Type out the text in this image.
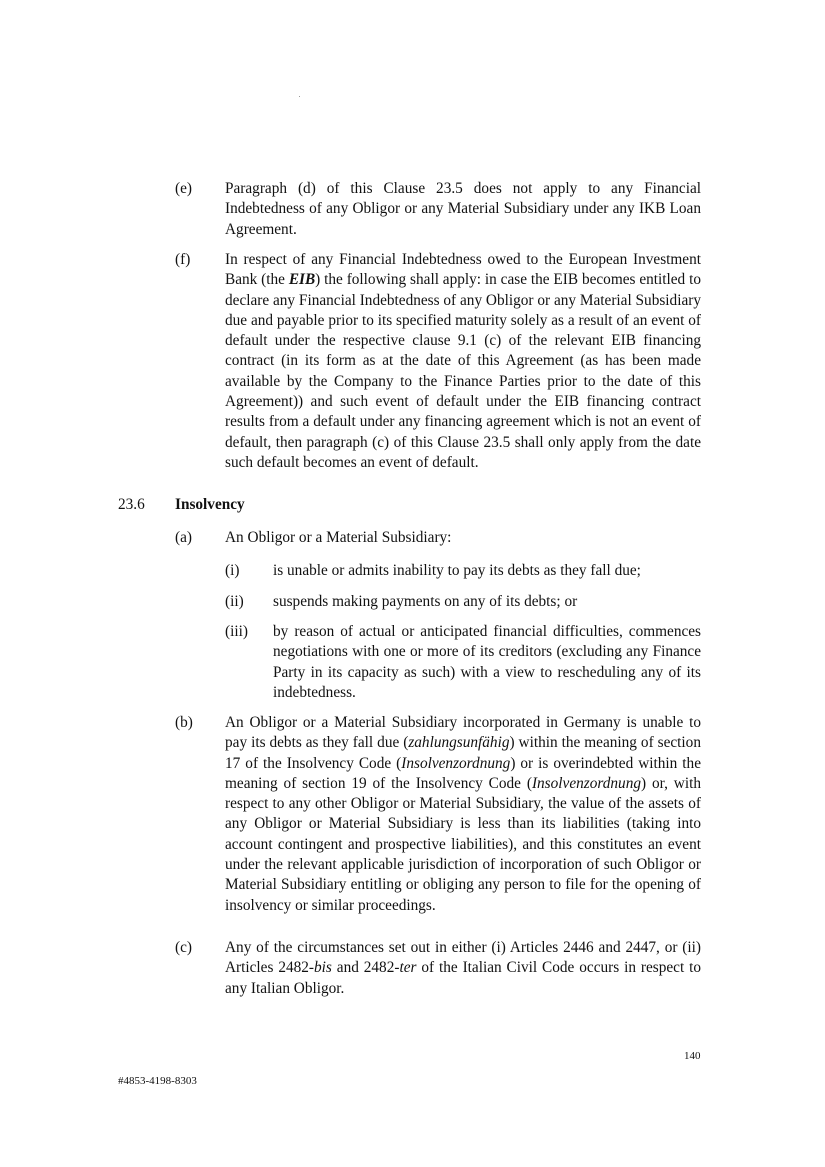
(e) Paragraph (d) of this Clause 23.5 does not apply to any Financial Indebtedness of any Obligor or any Material Subsidiary under any IKB Loan Agreement.

(f) In respect of any Financial Indebtedness owed to the European Investment Bank (the EIB) the following shall apply: in case the EIB becomes entitled to declare any Financial Indebtedness of any Obligor or any Material Subsidiary due and payable prior to its specified maturity solely as a result of an event of default under the respective clause 9.1 (c) of the relevant EIB financing contract (in its form as at the date of this Agreement (as has been made available by the Company to the Finance Parties prior to the date of this Agreement)) and such event of default under the EIB financing contract results from a default under any financing agreement which is not an event of default, then paragraph (c) of this Clause 23.5 shall only apply from the date such default becomes an event of default.

23.6 Insolvency
(a) An Obligor or a Material Subsidiary:

(i) is unable or admits inability to pay its debts as they fall due;

(ii) suspends making payments on any of its debts; or

(iii) by reason of actual or anticipated financial difficulties, commences negotiations with one or more of its creditors (excluding any Finance Party in its capacity as such) with a view to rescheduling any of its indebtedness.

(b) An Obligor or a Material Subsidiary incorporated in Germany is unable to pay its debts as they fall due (zahlungsunfähig) within the meaning of section 17 of the Insolvency Code (Insolvenzordnung) or is overindebted within the meaning of section 19 of the Insolvency Code (Insolvenzordnung) or, with respect to any other Obligor or Material Subsidiary, the value of the assets of any Obligor or Material Subsidiary is less than its liabilities (taking into account contingent and prospective liabilities), and this constitutes an event under the relevant applicable jurisdiction of incorporation of such Obligor or Material Subsidiary entitling or obliging any person to file for the opening of insolvency or similar proceedings.

(c) Any of the circumstances set out in either (i) Articles 2446 and 2447, or (ii) Articles 2482-bis and 2482-ter of the Italian Civil Code occurs in respect to any Italian Obligor.

140
#4853-4198-8303
